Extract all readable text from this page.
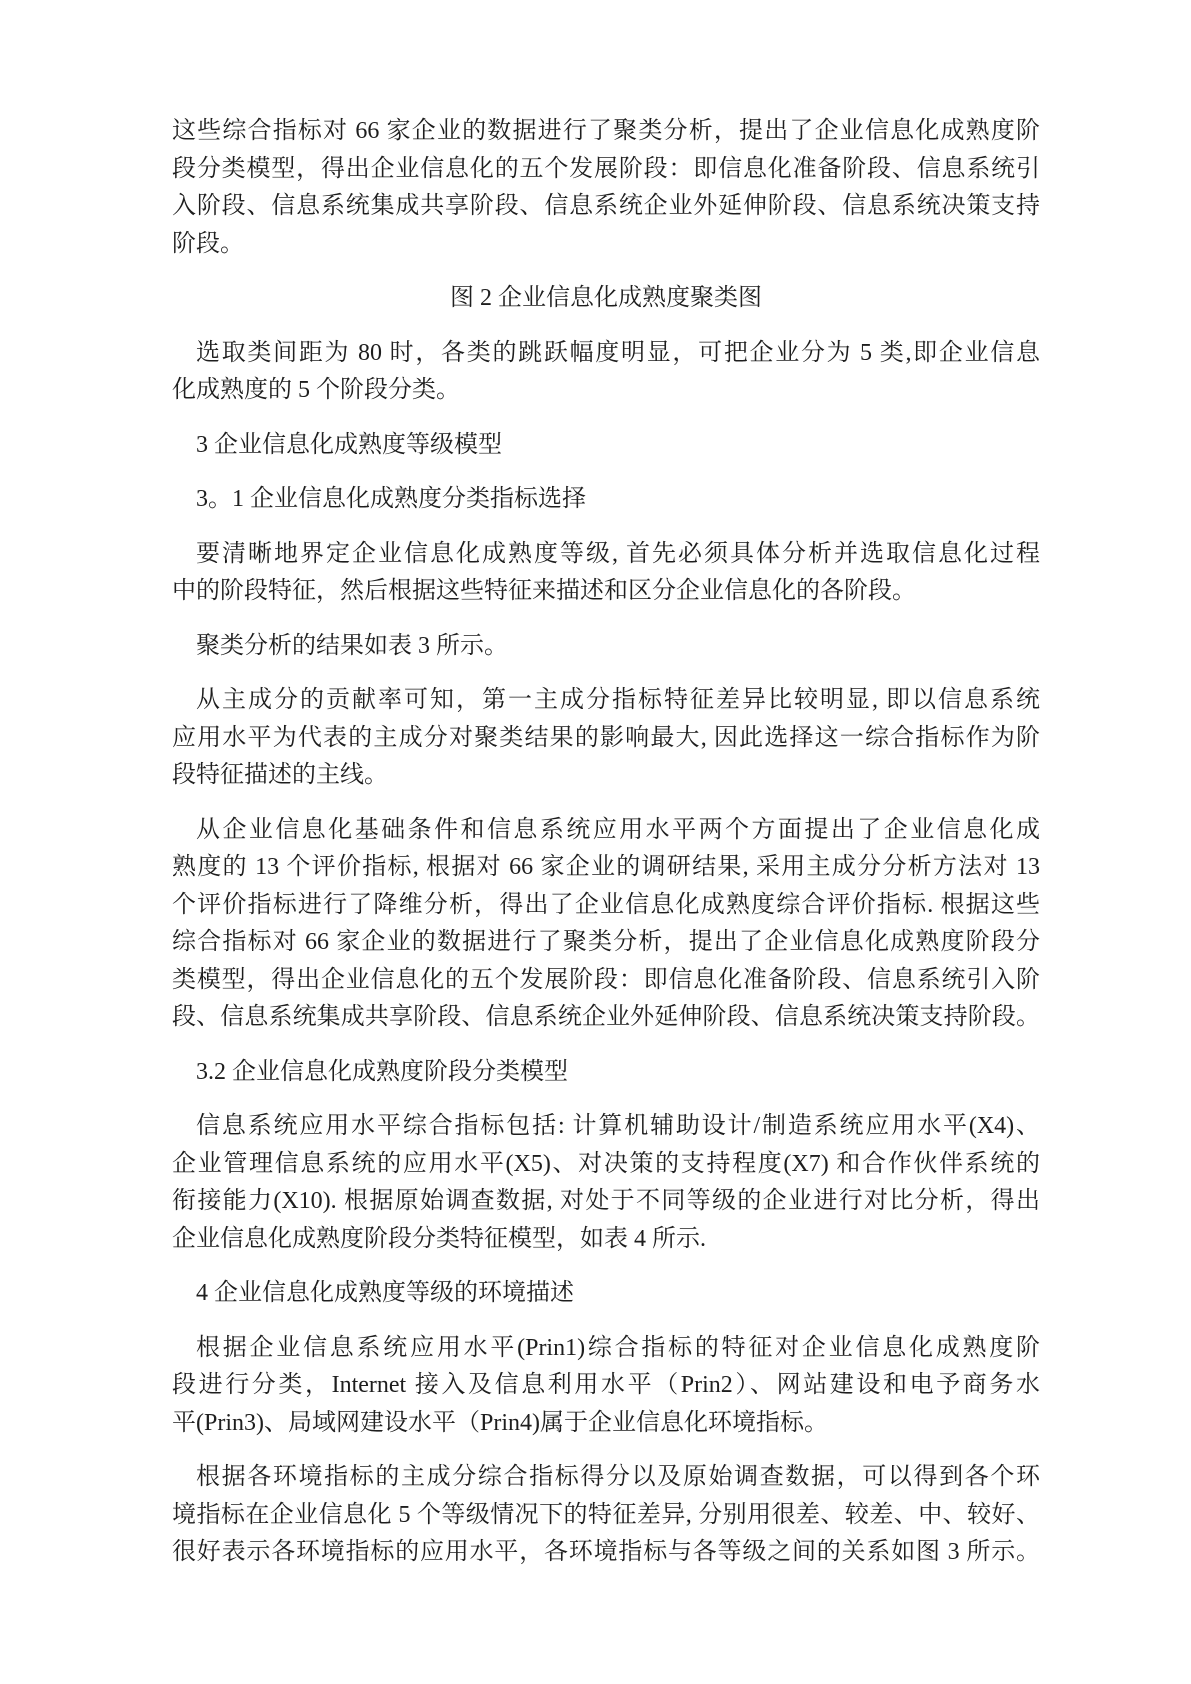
这些综合指标对 66 家企业的数据进行了聚类分析，提出了企业信息化成熟度阶
段分类模型，得出企业信息化的五个发展阶段：即信息化准备阶段、信息系统引
入阶段、信息系统集成共享阶段、信息系统企业外延伸阶段、信息系统决策支持
阶段。
图 2 企业信息化成熟度聚类图
选取类间距为 80 时，各类的跳跃幅度明显，可把企业分为 5 类,即企业信息
化成熟度的 5 个阶段分类。
3 企业信息化成熟度等级模型
3。1 企业信息化成熟度分类指标选择
要清晰地界定企业信息化成熟度等级, 首先必须具体分析并选取信息化过程
中的阶段特征，然后根据这些特征来描述和区分企业信息化的各阶段。
聚类分析的结果如表 3 所示。
从主成分的贡献率可知，第一主成分指标特征差异比较明显, 即以信息系统
应用水平为代表的主成分对聚类结果的影响最大, 因此选择这一综合指标作为阶
段特征描述的主线。
从企业信息化基础条件和信息系统应用水平两个方面提出了企业信息化成
熟度的 13 个评价指标, 根据对 66 家企业的调研结果, 采用主成分分析方法对 13
个评价指标进行了降维分析，得出了企业信息化成熟度综合评价指标. 根据这些
综合指标对 66 家企业的数据进行了聚类分析，提出了企业信息化成熟度阶段分
类模型，得出企业信息化的五个发展阶段：即信息化准备阶段、信息系统引入阶
段、信息系统集成共享阶段、信息系统企业外延伸阶段、信息系统决策支持阶段。
3.2 企业信息化成熟度阶段分类模型
信息系统应用水平综合指标包括: 计算机辅助设计/制造系统应用水平(X4)、
企业管理信息系统的应用水平(X5)、对决策的支持程度(X7) 和合作伙伴系统的
衔接能力(X10). 根据原始调查数据, 对处于不同等级的企业进行对比分析，得出
企业信息化成熟度阶段分类特征模型，如表 4 所示.
4 企业信息化成熟度等级的环境描述
根据企业信息系统应用水平(Prin1)综合指标的特征对企业信息化成熟度阶
段进行分类，Internet 接入及信息利用水平（Prin2）、网站建设和电予商务水
平(Prin3)、局域网建设水平（Prin4)属于企业信息化环境指标。
根据各环境指标的主成分综合指标得分以及原始调查数据，可以得到各个环
境指标在企业信息化 5 个等级情况下的特征差异, 分别用很差、较差、中、较好、
很好表示各环境指标的应用水平，各环境指标与各等级之间的关系如图 3 所示。
